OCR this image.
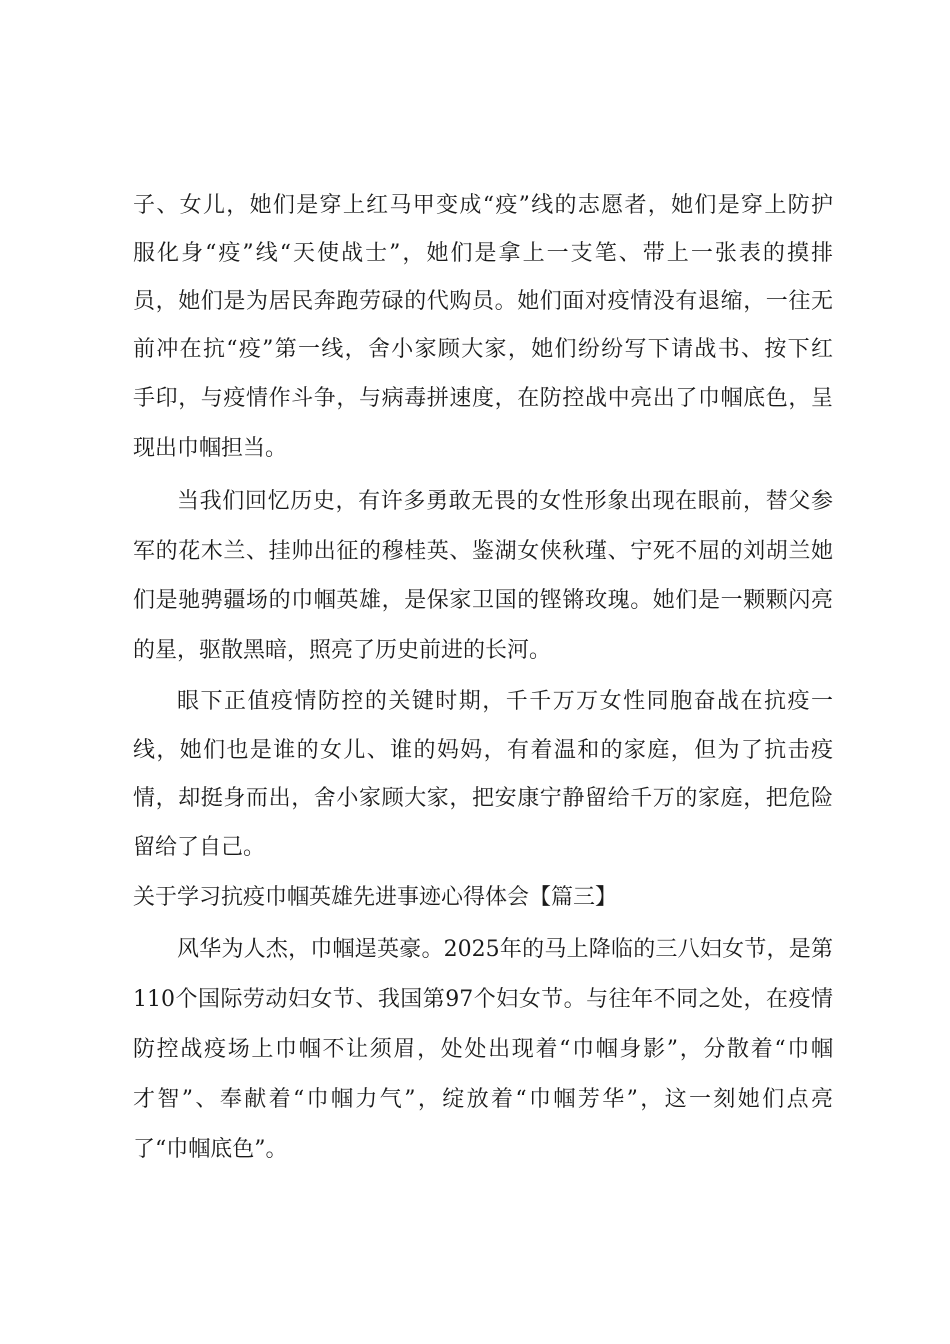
子、女儿，她们是穿上红马甲变成“疫”线的志愿者，她们是穿上防护
服化身“疫”线“天使战士”，她们是拿上一支笔、带上一张表的摸排
员，她们是为居民奔跑劳碌的代购员。她们面对疫情没有退缩，一往无
前冲在抗“疫”第一线，舍小家顾大家，她们纷纷写下请战书、按下红
手印，与疫情作斗争，与病毒拼速度，在防控战中亮出了巾帼底色，呈
现出巾帼担当。
当我们回忆历史，有许多勇敢无畏的女性形象出现在眼前，替父参
军的花木兰、挂帅出征的穆桂英、鉴湖女侠秋瑾、宁死不屈的刘胡兰她
们是驰骋疆场的巾帼英雄，是保家卫国的铿锵玫瑰。她们是一颗颗闪亮
的星，驱散黑暗，照亮了历史前进的长河。
眼下正值疫情防控的关键时期，千千万万女性同胞奋战在抗疫一
线，她们也是谁的女儿、谁的妈妈，有着温和的家庭，但为了抗击疫
情，却挺身而出，舍小家顾大家，把安康宁静留给千万的家庭，把危险
留给了自己。
关于学习抗疫巾帼英雄先进事迹心得体会【篇三】
风华为人杰，巾帼逞英豪。2025年的马上降临的三八妇女节，是第
110个国际劳动妇女节、我国第97个妇女节。与往年不同之处，在疫情
防控战疫场上巾帼不让须眉，处处出现着“巾帼身影”，分散着“巾帼
才智”、奉献着“巾帼力气”，绽放着“巾帼芳华”，这一刻她们点亮
了“巾帼底色”。
